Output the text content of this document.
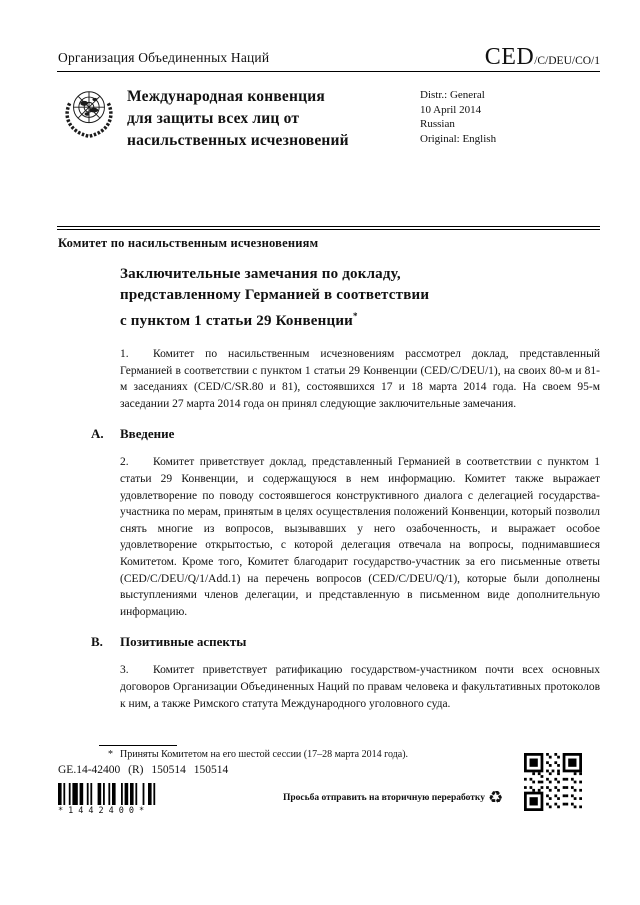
Организация Объединенных Наций	CED/C/DEU/CO/1
Международная конвенция
для защиты всех лиц от
насильственных исчезновений
Distr.: General
10 April 2014
Russian
Original: English
Комитет по насильственным исчезновениям
Заключительные замечания по докладу,
представленному Германией в соответствии
с пунктом 1 статьи 29 Конвенции*

1. Комитет по насильственным исчезновениям рассмотрел доклад, представленный Германией в соответствии с пунктом 1 статьи 29 Конвенции (CED/C/DEU/1), на своих 80-м и 81-м заседаниях (CED/C/SR.80 и 81), состоявшихся 17 и 18 марта 2014 года. На своем 95-м заседании 27 марта 2014 года он принял следующие заключительные замечания.

A. Введение

2. Комитет приветствует доклад, представленный Германией в соответствии с пунктом 1 статьи 29 Конвенции, и содержащуюся в нем информацию. Комитет также выражает удовлетворение по поводу состоявшегося конструктивного диалога с делегацией государства-участника по мерам, принятым в целях осуществления положений Конвенции, который позволил снять многие из вопросов, вызывавших у него озабоченность, и выражает особое удовлетворение открытостью, с которой делегация отвечала на вопросы, поднимавшиеся Комитетом. Кроме того, Комитет благодарит государство-участник за его письменные ответы (CED/C/DEU/Q/1/Add.1) на перечень вопросов (CED/C/DEU/Q/1), которые были дополнены выступлениями членов делегации, и представленную в письменном виде дополнительную информацию.

B. Позитивные аспекты

3. Комитет приветствует ратификацию государством-участником почти всех основных договоров Организации Объединенных Наций по правам человека и факультативных протоколов к ним, а также Римского статута Международного уголовного суда.

* Приняты Комитетом на его шестой сессии (17–28 марта 2014 года).
GE.14-42400 (R) 150514 150514
*1442400*
Просьба отправить на вторичную переработку ♻
